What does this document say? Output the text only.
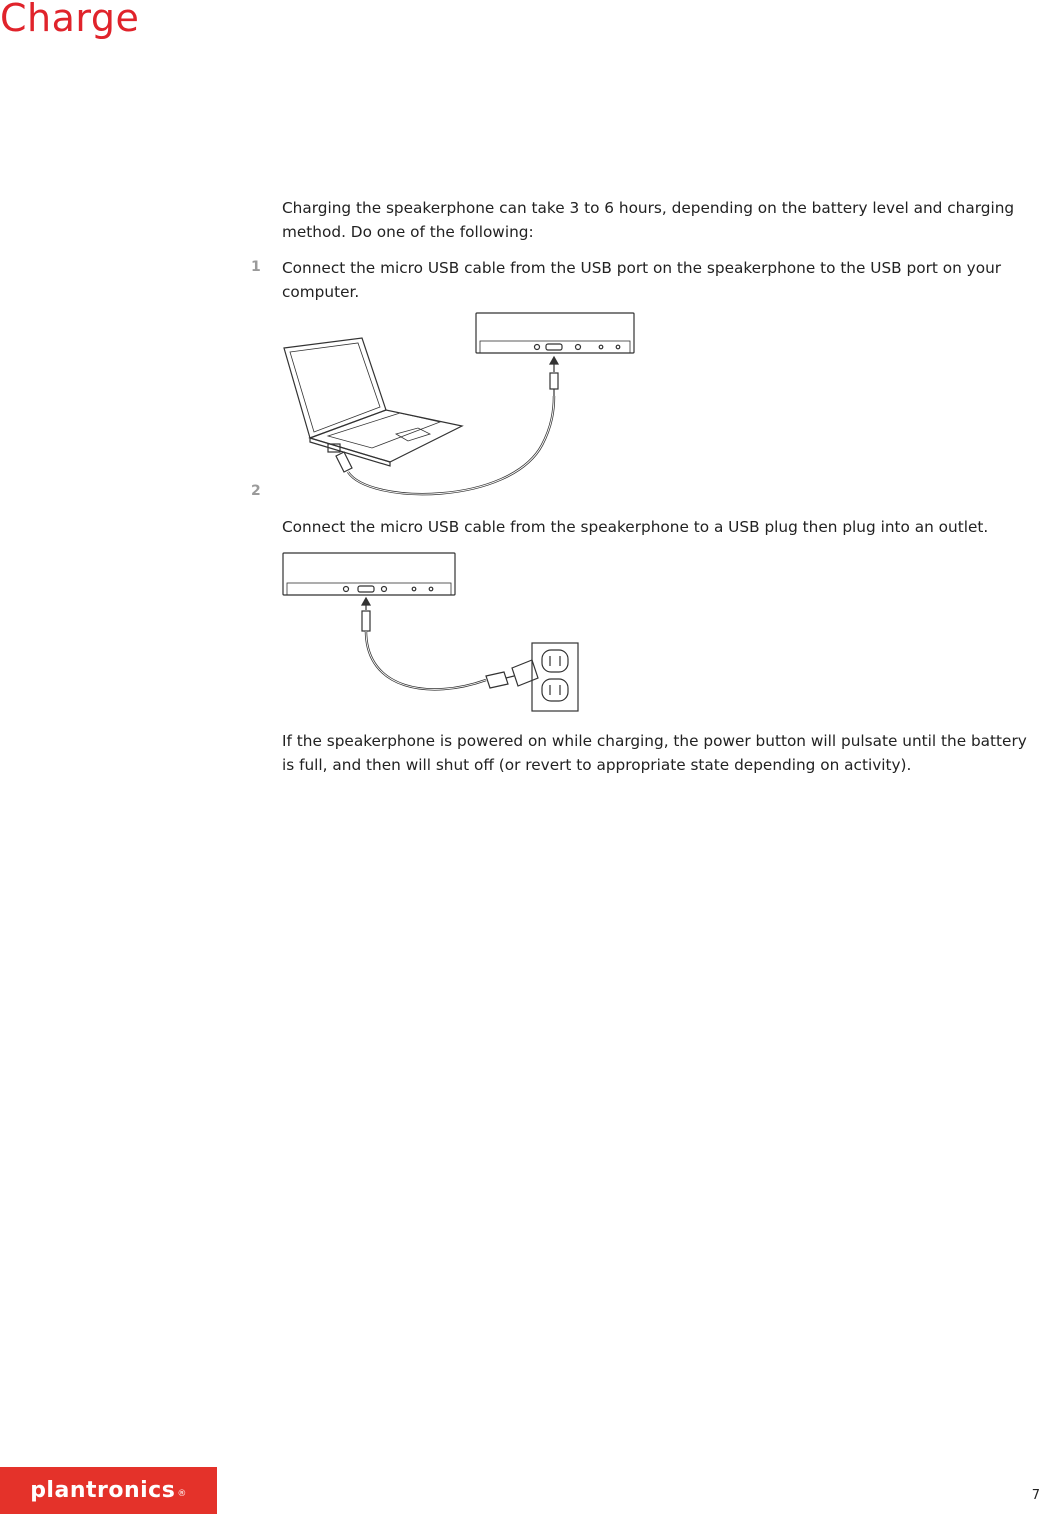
Charge

Charging the speakerphone can take 3 to 6 hours, depending on the battery level and charging method. Do one of the following:

1 Connect the micro USB cable from the USB port on the speakerphone to the USB port on your computer.

2

Connect the micro USB cable from the speakerphone to a USB plug then plug into an outlet.

If the speakerphone is powered on while charging, the power button will pulsate until the battery is full, and then will shut off (or revert to appropriate state depending on activity).

plantronics ®	7
